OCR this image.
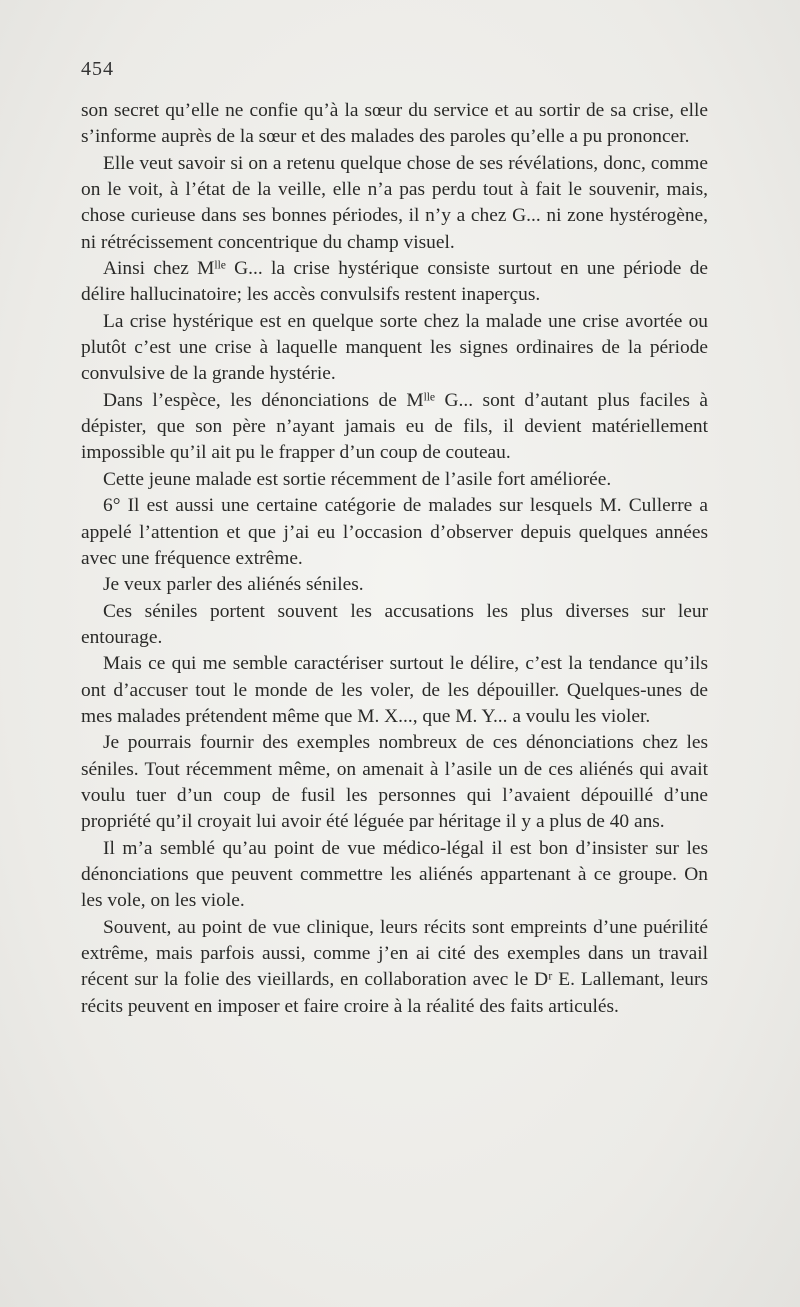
454

son secret qu’elle ne confie qu’à la sœur du service et au sortir de sa crise, elle s’informe auprès de la sœur et des malades des paroles qu’elle a pu prononcer.

Elle veut savoir si on a retenu quelque chose de ses révélations, donc, comme on le voit, à l’état de la veille, elle n’a pas perdu tout à fait le souvenir, mais, chose curieuse dans ses bonnes périodes, il n’y a chez G... ni zone hystérogène, ni rétrécissement concentrique du champ visuel.

Ainsi chez Mˡˡᵉ G... la crise hystérique consiste surtout en une période de délire hallucinatoire; les accès convulsifs restent inaperçus.

La crise hystérique est en quelque sorte chez la malade une crise avortée ou plutôt c’est une crise à laquelle manquent les signes ordinaires de la période convulsive de la grande hystérie.

Dans l’espèce, les dénonciations de Mˡˡᵉ G... sont d’autant plus faciles à dépister, que son père n’ayant jamais eu de fils, il devient matériellement impossible qu’il ait pu le frapper d’un coup de couteau.

Cette jeune malade est sortie récemment de l’asile fort améliorée.

6° Il est aussi une certaine catégorie de malades sur lesquels M. Cullerre a appelé l’attention et que j’ai eu l’occasion d’observer depuis quelques années avec une fréquence extrême.

Je veux parler des aliénés séniles.

Ces séniles portent souvent les accusations les plus diverses sur leur entourage.

Mais ce qui me semble caractériser surtout le délire, c’est la tendance qu’ils ont d’accuser tout le monde de les voler, de les dépouiller. Quelques-unes de mes malades prétendent même que M. X..., que M. Y... a voulu les violer.

Je pourrais fournir des exemples nombreux de ces dénonciations chez les séniles. Tout récemment même, on amenait à l’asile un de ces aliénés qui avait voulu tuer d’un coup de fusil les personnes qui l’avaient dépouillé d’une propriété qu’il croyait lui avoir été léguée par héritage il y a plus de 40 ans.

Il m’a semblé qu’au point de vue médico-légal il est bon d’insister sur les dénonciations que peuvent commettre les aliénés appartenant à ce groupe. On les vole, on les viole.

Souvent, au point de vue clinique, leurs récits sont empreints d’une puérilité extrême, mais parfois aussi, comme j’en ai cité des exemples dans un travail récent sur la folie des vieillards, en collaboration avec le Dʳ E. Lallemant, leurs récits peuvent en imposer et faire croire à la réalité des faits articulés.
